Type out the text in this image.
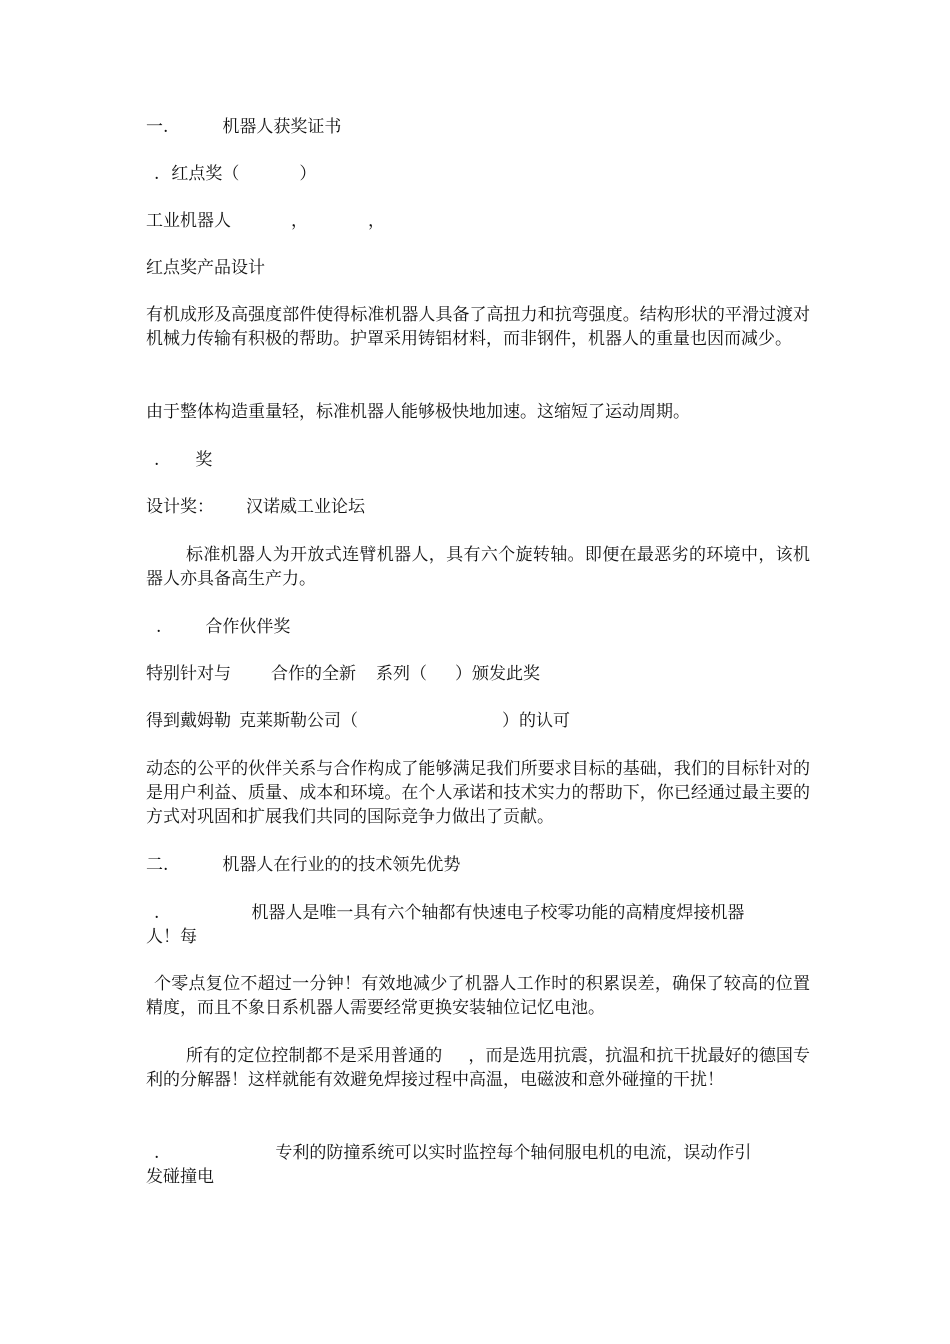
一.	机器人获奖证书
. 红点奖（	）
工业机器人	，	，
红点奖产品设计
有机成形及高强度部件使得标准机器人具备了高扭力和抗弯强度。结构形状的平滑过渡对机械力传输有积极的帮助。护罩采用铸铝材料，而非钢件，机器人的重量也因而减少。
由于整体构造重量轻，标准机器人能够极快地加速。这缩短了运动周期。
. 奖
设计奖： 汉诺威工业论坛
标准机器人为开放式连臂机器人，具有六个旋转轴。即便在最恶劣的环境中，该机器人亦具备高生产力。
.	合作伙伴奖
特别针对与 合作的全新 系列（ ）颁发此奖
得到戴姆勒 克莱斯勒公司（	）的认可
动态的公平的伙伴关系与合作构成了能够满足我们所要求目标的基础，我们的目标针对的是用户利益、质量、成本和环境。在个人承诺和技术实力的帮助下，你已经通过最主要的方式对巩固和扩展我们共同的国际竞争力做出了贡献。
二.	机器人在行业的的技术领先优势
.	机器人是唯一具有六个轴都有快速电子校零功能的高精度焊接机器
人！每
个零点复位不超过一分钟！有效地减少了机器人工作时的积累误差，确保了较高的位置精度，而且不象日系机器人需要经常更换安装轴位记忆电池。
所有的定位控制都不是采用普通的 ，而是选用抗震，抗温和抗干扰最好的德国专利的分解器！这样就能有效避免焊接过程中高温，电磁波和意外碰撞的干扰！
.	专利的防撞系统可以实时监控每个轴伺服电机的电流，误动作引
发碰撞电
